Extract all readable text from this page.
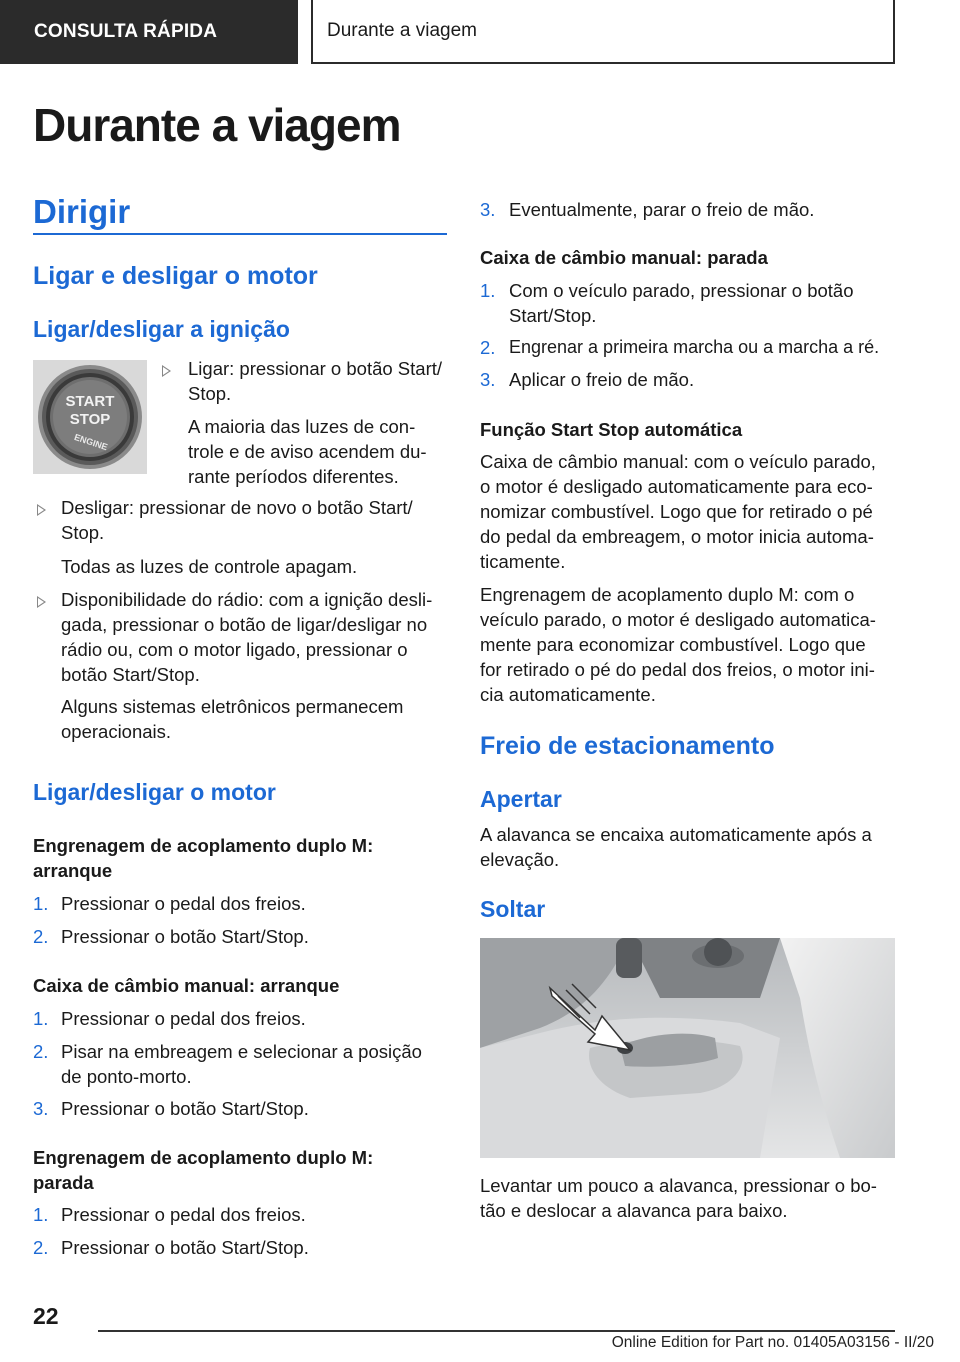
CONSULTA RÁPIDA	Durante a viagem
Durante a viagem
Dirigir
Ligar e desligar o motor
Ligar/desligar a ignição
START
STOP
ENGINE
Ligar: pressionar o botão Start/
Stop.
A maioria das luzes de con-
trole e de aviso acendem du-
rante períodos diferentes.
Desligar: pressionar de novo o botão Start/
Stop.
Todas as luzes de controle apagam.
Disponibilidade do rádio: com a ignição desli-
gada, pressionar o botão de ligar/desligar no
rádio ou, com o motor ligado, pressionar o
botão Start/Stop.
Alguns sistemas eletrônicos permanecem
operacionais.
Ligar/desligar o motor
Engrenagem de acoplamento duplo M:
arranque
1. Pressionar o pedal dos freios.
2. Pressionar o botão Start/Stop.
Caixa de câmbio manual: arranque
1. Pressionar o pedal dos freios.
2. Pisar na embreagem e selecionar a posição
de ponto-morto.
3. Pressionar o botão Start/Stop.
Engrenagem de acoplamento duplo M:
parada
1. Pressionar o pedal dos freios.
2. Pressionar o botão Start/Stop.
3. Eventualmente, parar o freio de mão.
Caixa de câmbio manual: parada
1. Com o veículo parado, pressionar o botão
Start/Stop.
2. Engrenar a primeira marcha ou a marcha a ré.
3. Aplicar o freio de mão.
Função Start Stop automática
Caixa de câmbio manual: com o veículo parado,
o motor é desligado automaticamente para eco-
nomizar combustível. Logo que for retirado o pé
do pedal da embreagem, o motor inicia automa-
ticamente.
Engrenagem de acoplamento duplo M: com o
veículo parado, o motor é desligado automatica-
mente para economizar combustível. Logo que
for retirado o pé do pedal dos freios, o motor ini-
cia automaticamente.
Freio de estacionamento
Apertar
A alavanca se encaixa automaticamente após a
elevação.
Soltar
Levantar um pouco a alavanca, pressionar o bo-
tão e deslocar a alavanca para baixo.
22
Online Edition for Part no. 01405A03156 - II/20
